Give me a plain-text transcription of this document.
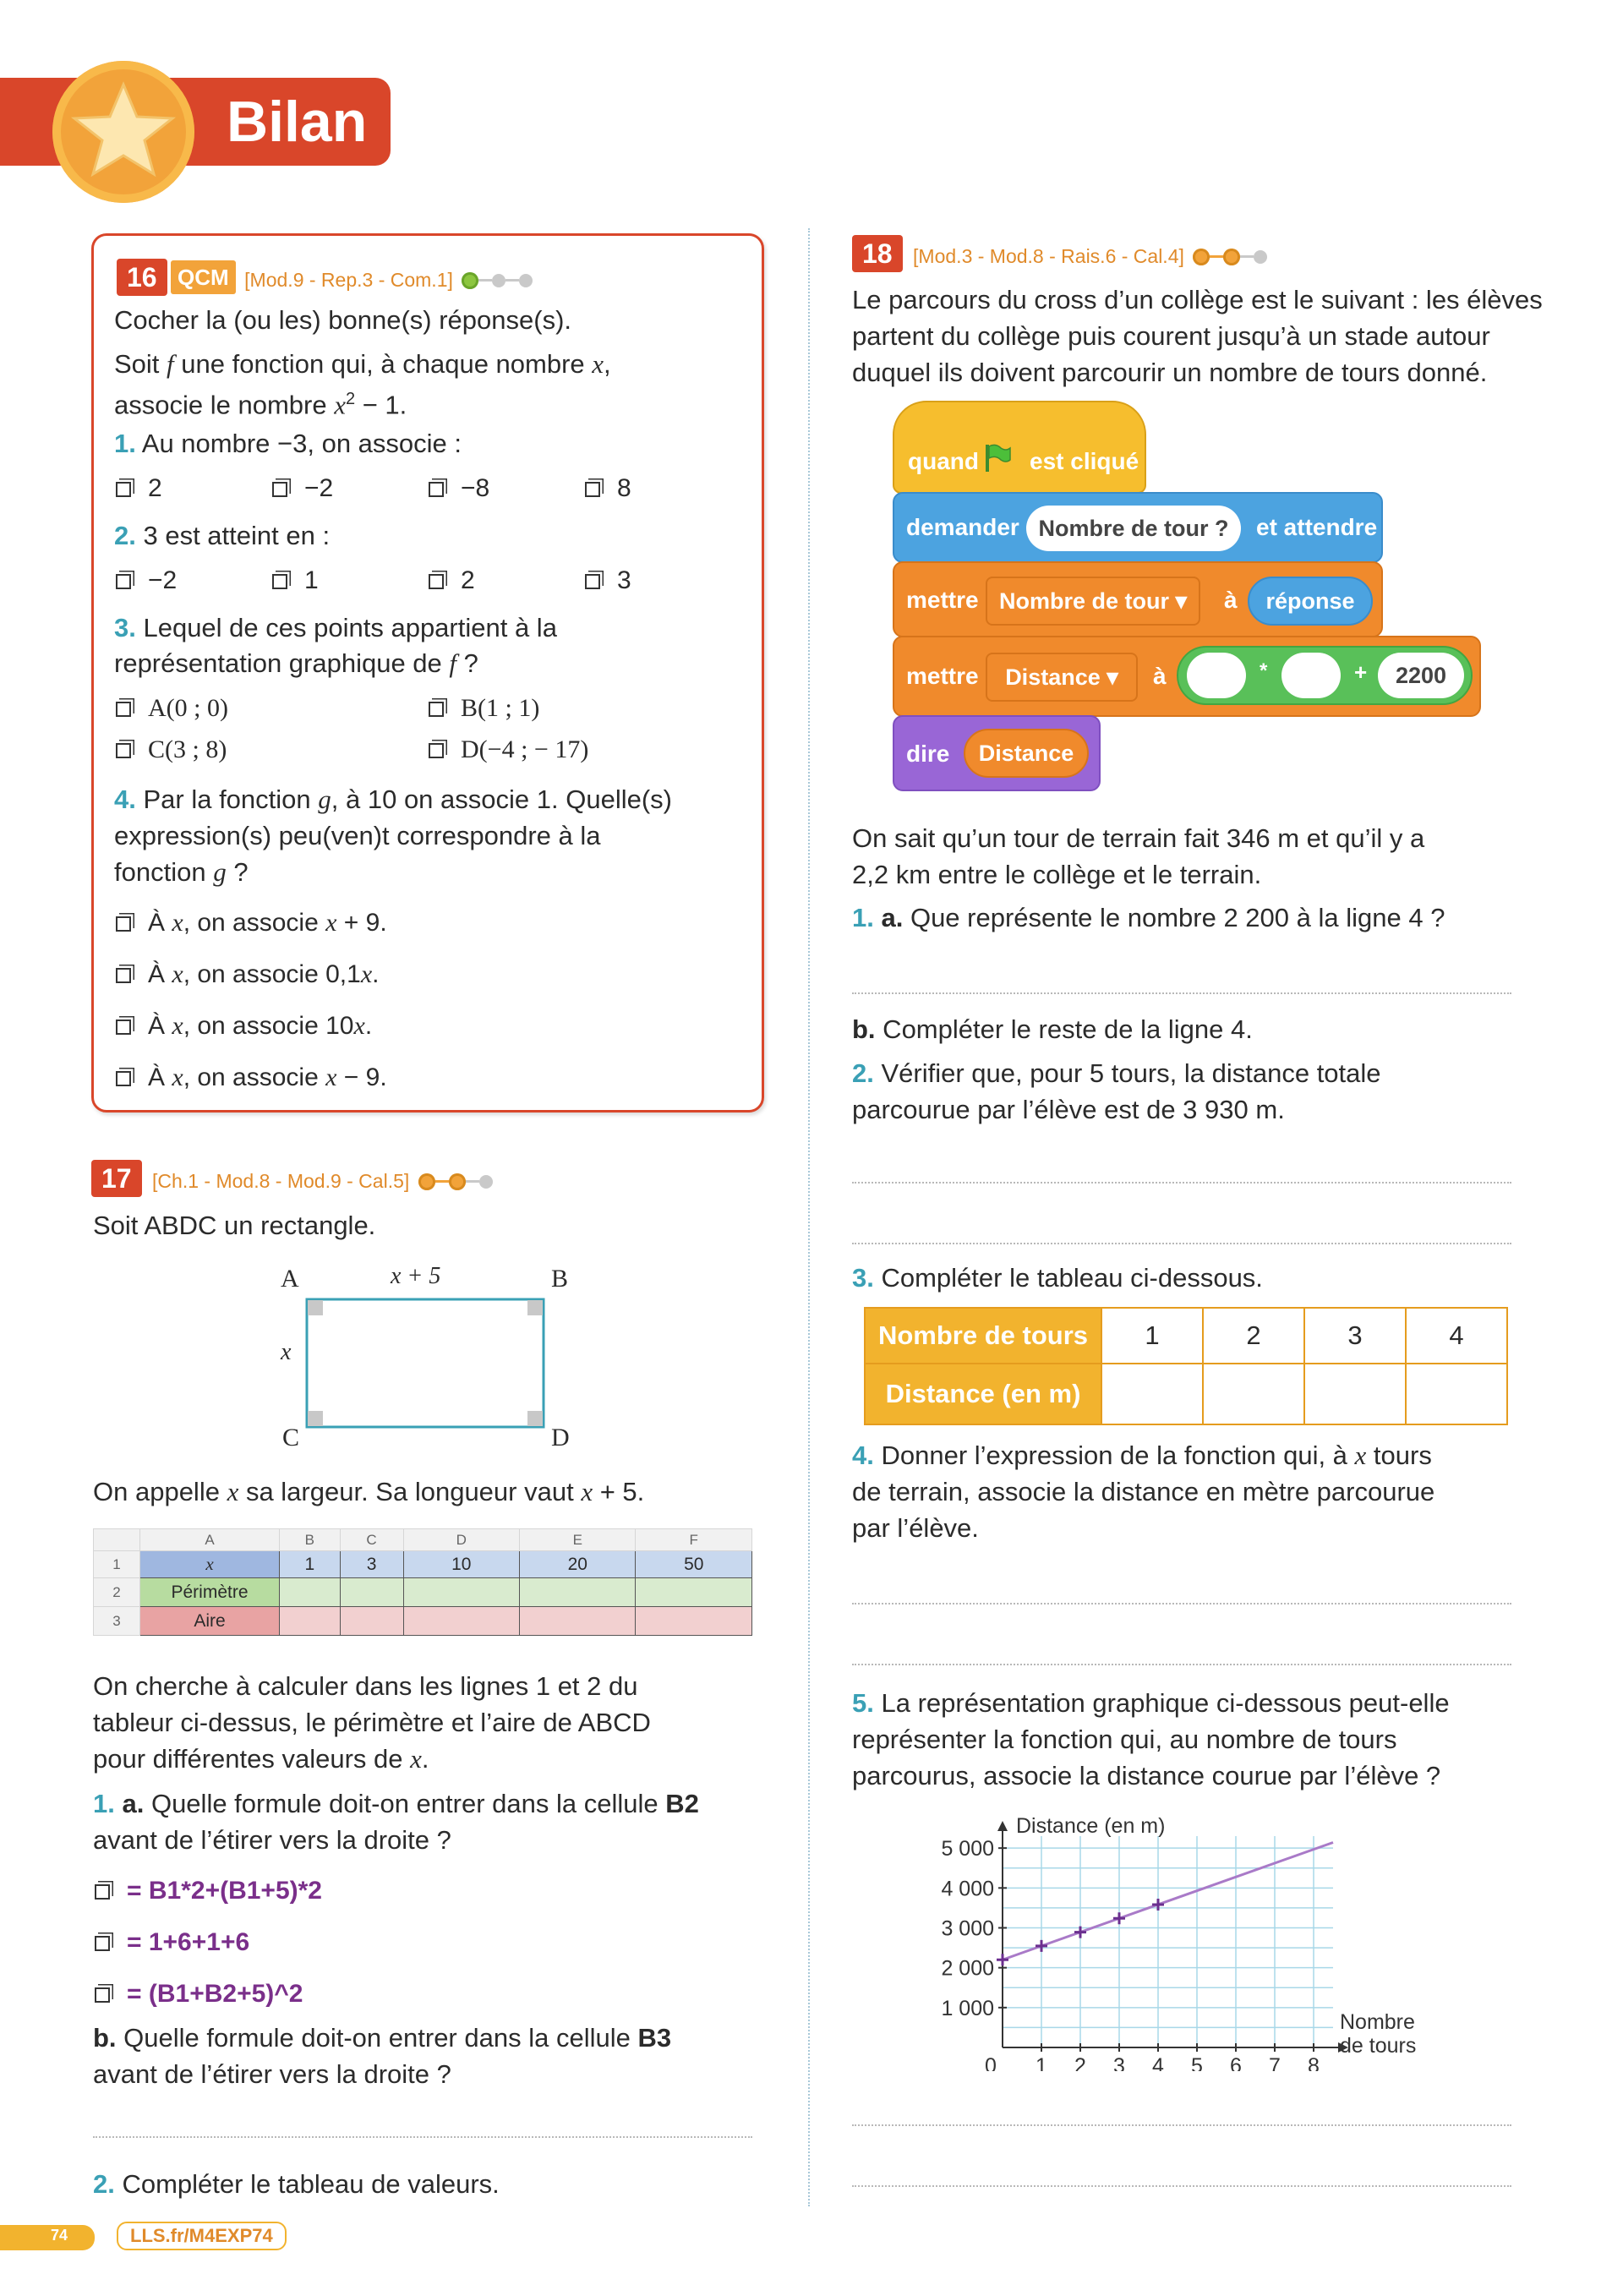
Bilan
16 QCM [Mod.9 - Rep.3 - Com.1]
Cocher la (ou les) bonne(s) réponse(s).
Soit f une fonction qui, à chaque nombre x,
associe le nombre $x^2 - 1$.
1. Au nombre −3, on associe :
2	−2	−8	8
2. 3 est atteint en :
−2	1	2	3
3. Lequel de ces points appartient à la
représentation graphique de f ?
A(0 ; 0)	B(1 ; 1)
C(3 ; 8)	D(−4 ; − 17)
4. Par la fonction g, à 10 on associe 1. Quelle(s)
expression(s) peu(ven)t correspondre à la
fonction g ?
À x, on associe x + 9.
À x, on associe 0,1x.
À x, on associe 10x.
À x, on associe x − 9.
17 [Ch.1 - Mod.8 - Mod.9 - Cal.5]
Soit ABDC un rectangle.
A	B
C	D
x + 5
x
On appelle x sa largeur. Sa longueur vaut x + 5.
	A	B	C	D	E	F
1	x	1	3	10	20	50
2	Périmètre					
3	Aire					
On cherche à calculer dans les lignes 1 et 2 du
tableur ci-dessus, le périmètre et l’aire de ABCD
pour différentes valeurs de x.
1. a. Quelle formule doit-on entrer dans la cellule B2
avant de l’étirer vers la droite ?
= B1*2+(B1+5)*2
= 1+6+1+6
= (B1+B2+5)^2
b. Quelle formule doit-on entrer dans la cellule B3
avant de l’étirer vers la droite ?
2. Compléter le tableau de valeurs.
18 [Mod.3 - Mod.8 - Rais.6 - Cal.4]
Le parcours du cross d’un collège est le suivant : les élèves
partent du collège puis courent jusqu’à un stade autour
duquel ils doivent parcourir un nombre de tours donné.
quand est cliqué
demander	et attendre
Nombre de tour ?
mettre	à
Nombre de tour ▾	réponse
mettre	à
Distance ▾	*	+	2200
dire	Distance
On sait qu’un tour de terrain fait 346 m et qu’il y a
2,2 km entre le collège et le terrain.
1. a. Que représente le nombre 2 200 à la ligne 4 ?
b. Compléter le reste de la ligne 4.
2. Vérifier que, pour 5 tours, la distance totale
parcourue par l’élève est de 3 930 m.
3. Compléter le tableau ci-dessous.
Nombre de tours	1	2	3	4
Distance (en m)				
4. Donner l’expression de la fonction qui, à x tours
de terrain, associe la distance en mètre parcourue
par l’élève.
5. La représentation graphique ci-dessous peut-elle
représenter la fonction qui, au nombre de tours
parcourus, associe la distance courue par l’élève ?
0 1 2 3 4 5 6 7 8
1 000
2 000
3 000
4 000
5 000
Distance (en m)
Nombre
de tours
74	LLS.fr/M4EXP74
